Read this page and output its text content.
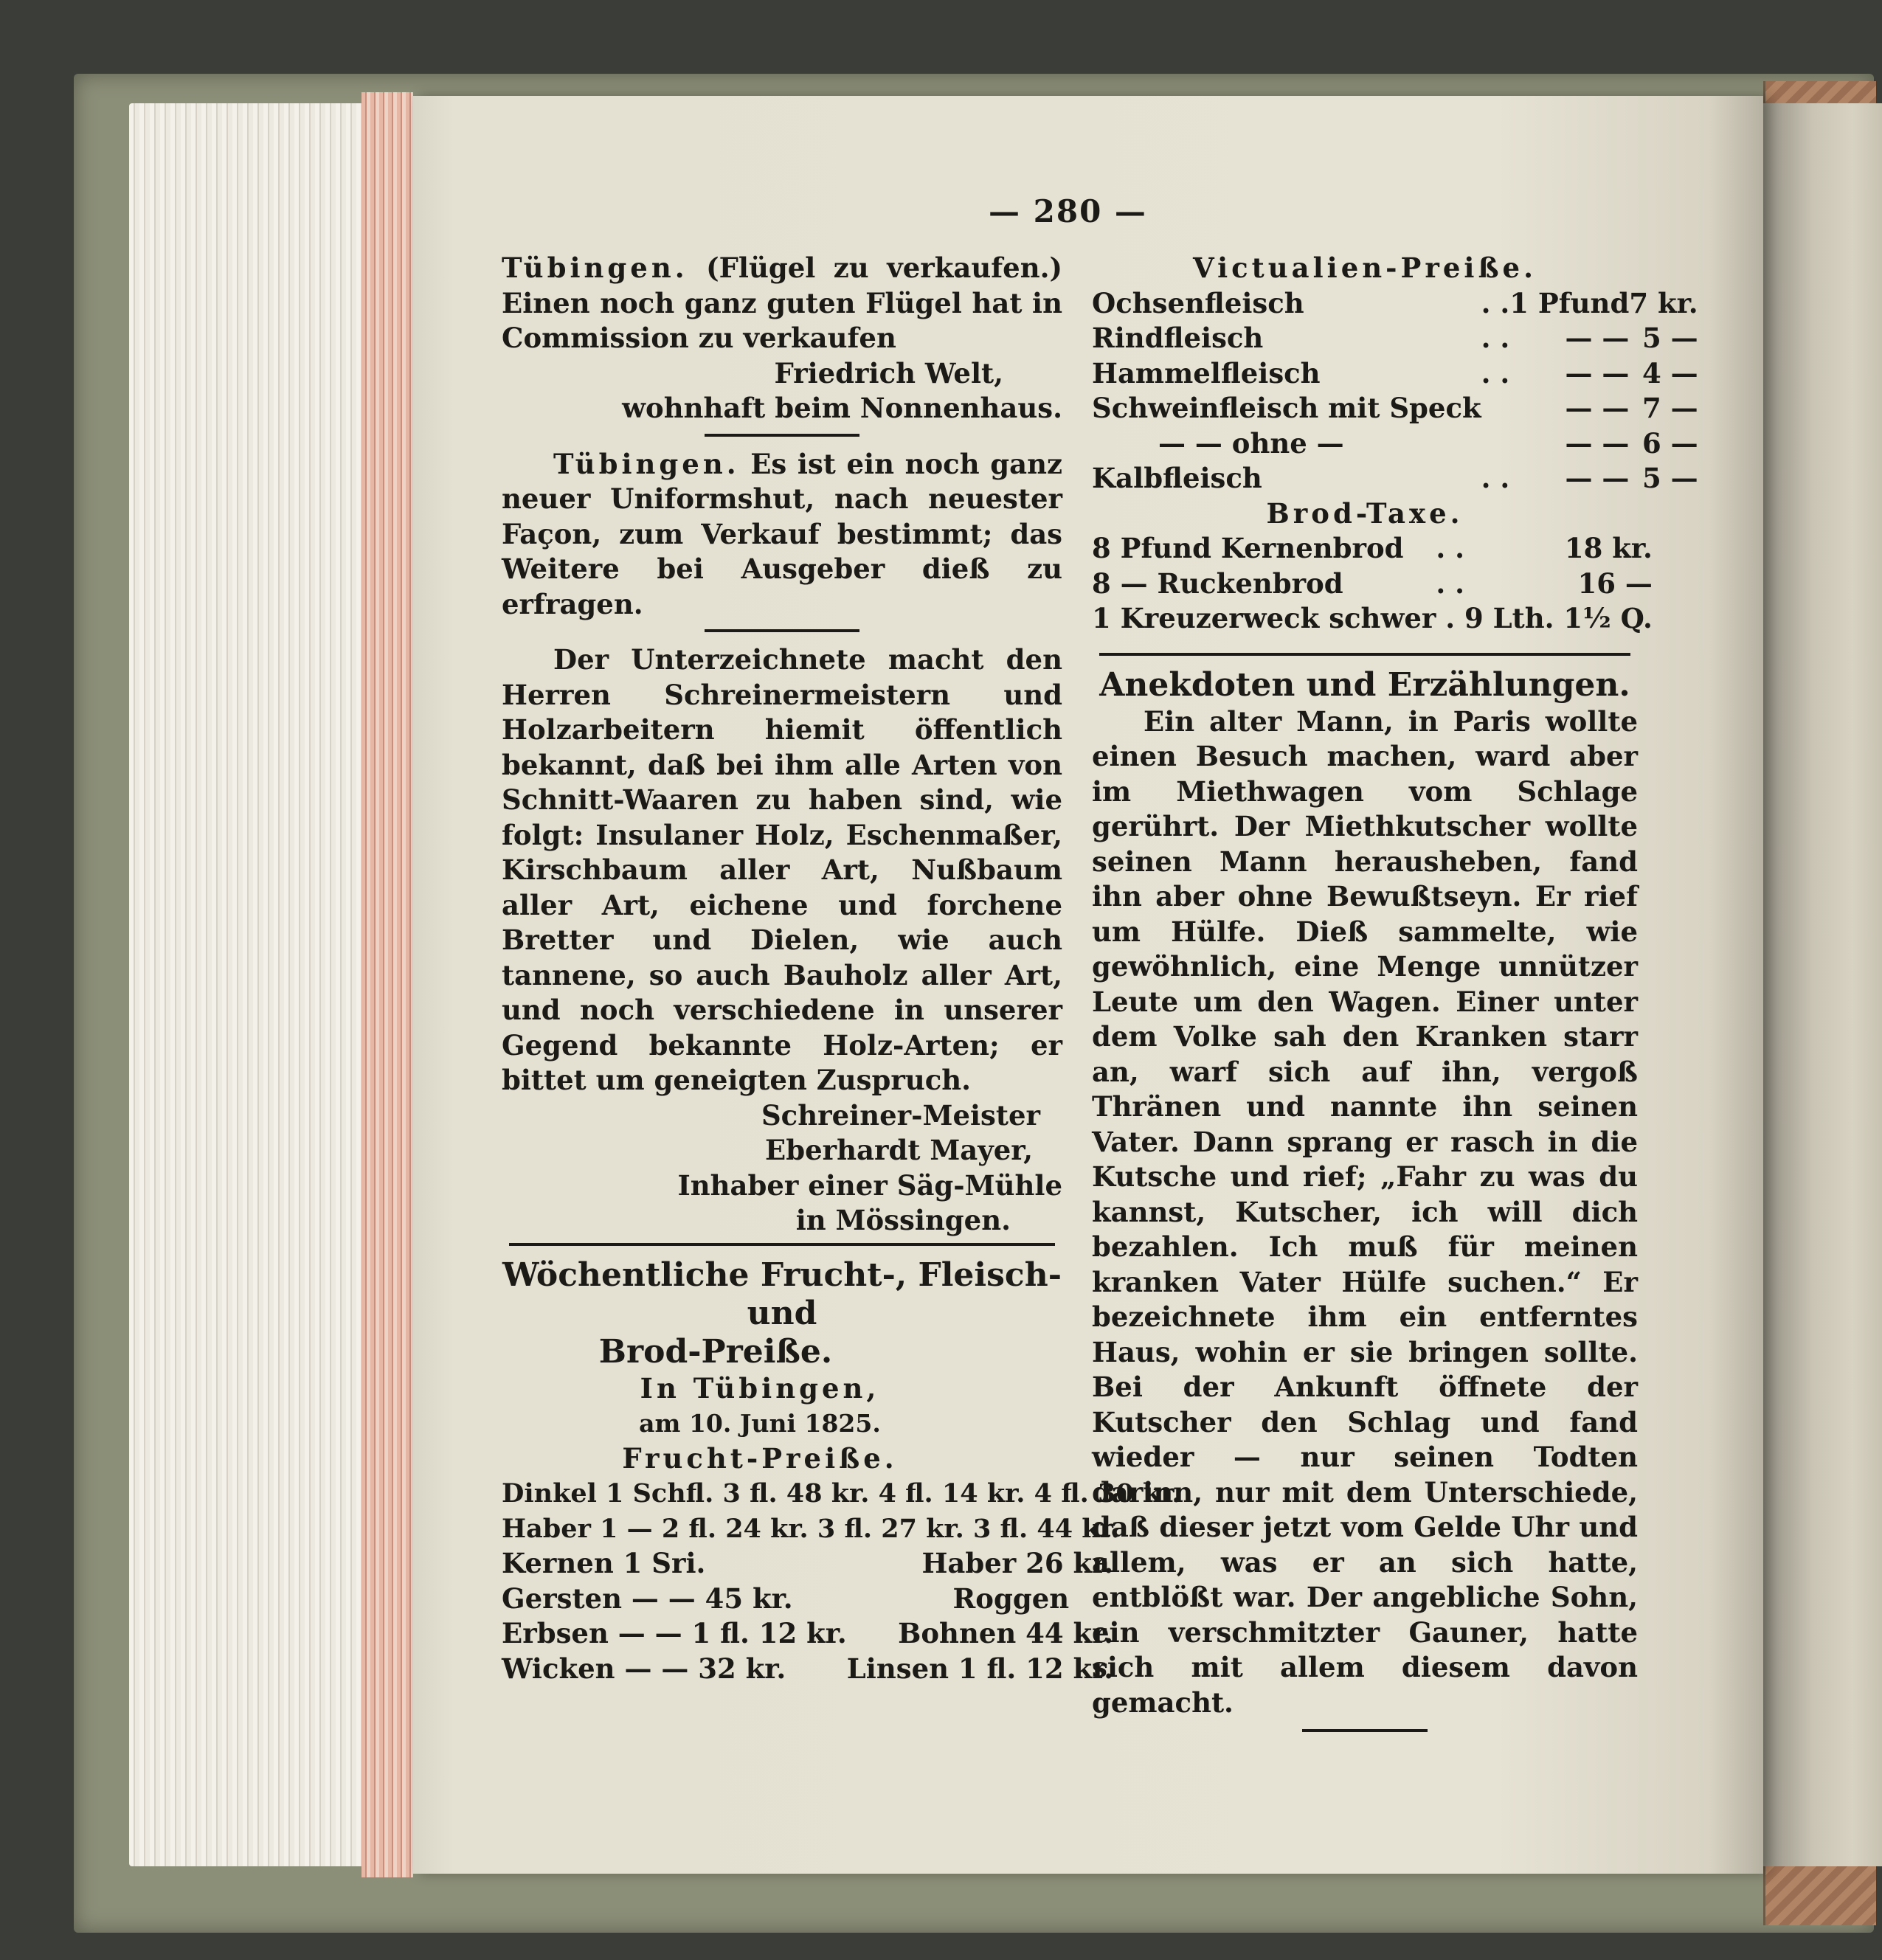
— 280 —

Tübingen. (Flügel zu verkaufen.) Einen noch ganz guten Flügel hat in Commission zu verkaufen

Friedrich Welt,

wohnhaft beim Nonnenhaus.

Tübingen. Es ist ein noch ganz neuer Uniformshut, nach neuester Façon, zum Verkauf bestimmt; das Weitere bei Ausgeber dieß zu erfragen.

Der Unterzeichnete macht den Herren Schreinermeistern und Holzarbeitern hiemit öffentlich bekannt, daß bei ihm alle Arten von Schnitt-Waaren zu haben sind, wie folgt: Insulaner Holz, Eschenmaßer, Kirschbaum aller Art, Nußbaum aller Art, eichene und forchene Bretter und Dielen, wie auch tannene, so auch Bauholz aller Art, und noch verschiedene in unserer Gegend bekannte Holz-Arten; er bittet um geneigten Zuspruch.

Schreiner-Meister

Eberhardt Mayer,

Inhaber einer Säg-Mühle

in Mössingen.

Wöchentliche Frucht-, Fleisch- und

Brod-Preiße.

In Tübingen,

am 10. Juni 1825.

Frucht-Preiße.

Dinkel 1 Schfl. 3 fl. 48 kr. 4 fl. 14 kr. 4 fl. 30 kr.

Haber 1 — 2 fl. 24 kr. 3 fl. 27 kr. 3 fl. 44 kr.

Kernen 1 Sri.	Haber 26 kr.
Gersten — — 45 kr.	Roggen
Erbsen — — 1 fl. 12 kr.	Bohnen 44 kr.
Wicken — — 32 kr.	Linsen 1 fl. 12 kr.

Victualien-Preiße.

Ochsenfleisch	. .	1 Pfund	7 kr.
Rindfleisch	. .	— —	5 —
Hammelfleisch	. .	— —	4 —
Schweinfleisch mit Speck		— —	7 —
— — ohne —		— —	6 —
Kalbfleisch	. .	— —	5 —

Brod-Taxe.

8 Pfund Kernenbrod	. .	18 kr.
8 — Ruckenbrod	. .	16 —
1 Kreuzerweck schwer	.	9 Lth. 1½ Q.

Anekdoten und Erzählungen.

Ein alter Mann, in Paris wollte einen Besuch machen, ward aber im Miethwagen vom Schlage gerührt. Der Miethkutscher wollte seinen Mann herausheben, fand ihn aber ohne Bewußtseyn. Er rief um Hülfe. Dieß sammelte, wie gewöhnlich, eine Menge unnützer Leute um den Wagen. Einer unter dem Volke sah den Kranken starr an, warf sich auf ihn, vergoß Thränen und nannte ihn seinen Vater. Dann sprang er rasch in die Kutsche und rief; „Fahr zu was du kannst, Kutscher, ich will dich bezahlen. Ich muß für meinen kranken Vater Hülfe suchen.“ Er bezeichnete ihm ein entferntes Haus, wohin er sie bringen sollte. Bei der Ankunft öffnete der Kutscher den Schlag und fand wieder — nur seinen Todten darinn, nur mit dem Unterschiede, daß dieser jetzt vom Gelde Uhr und allem, was er an sich hatte, entblößt war. Der angebliche Sohn, ein verschmitzter Gauner, hatte sich mit allem diesem davon gemacht.
